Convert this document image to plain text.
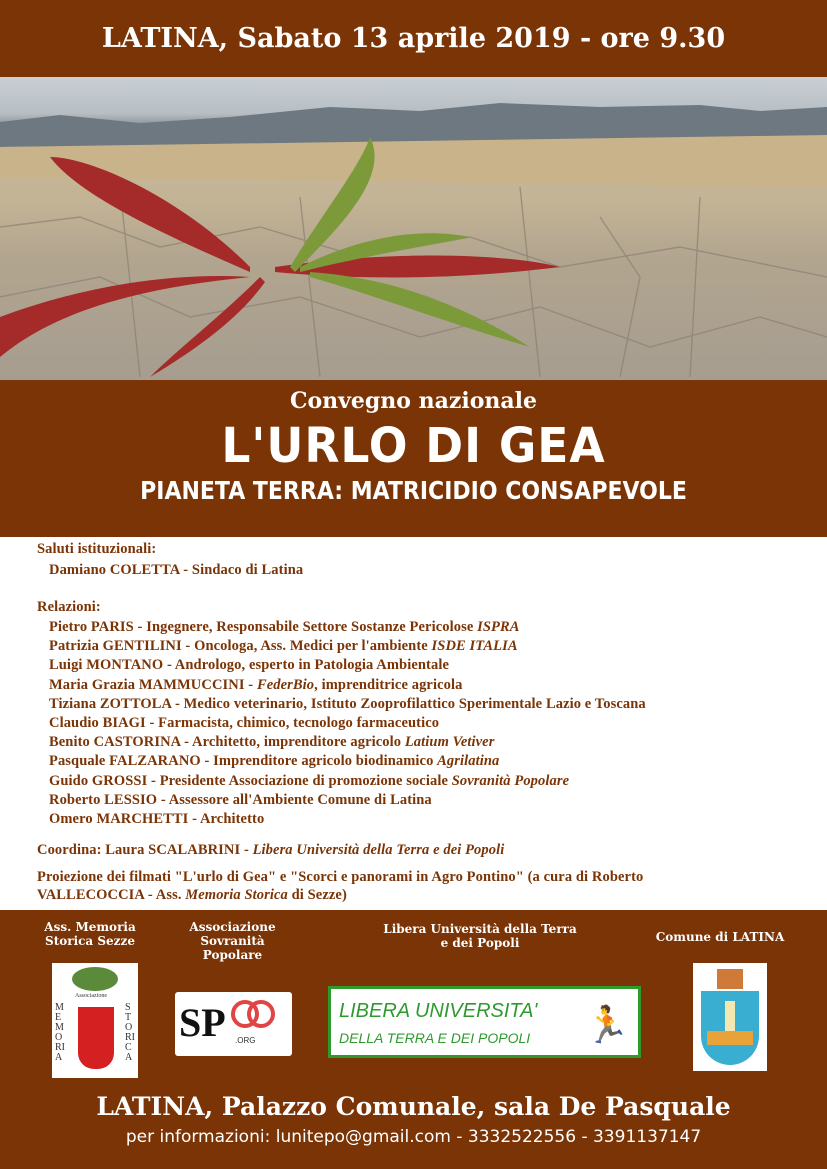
LATINA, Sabato 13 aprile 2019 - ore 9.30
Convegno nazionale
L'URLO DI GEA
PIANETA TERRA: MATRICIDIO CONSAPEVOLE
Saluti istituzionali:
Damiano COLETTA - Sindaco di Latina
Relazioni:
Pietro PARIS - Ingegnere, Responsabile Settore Sostanze Pericolose ISPRA
Patrizia GENTILINI - Oncologa, Ass. Medici per l'ambiente ISDE ITALIA
Luigi MONTANO - Andrologo, esperto in Patologia Ambientale
Maria Grazia MAMMUCCINI - FederBio, imprenditrice agricola
Tiziana ZOTTOLA - Medico veterinario, Istituto Zooprofilattico Sperimentale Lazio e Toscana
Claudio BIAGI - Farmacista, chimico, tecnologo farmaceutico
Benito CASTORINA - Architetto, imprenditore agricolo Latium Vetiver
Pasquale FALZARANO - Imprenditore agricolo biodinamico Agrilatina
Guido GROSSI - Presidente Associazione di promozione sociale Sovranità Popolare
Roberto LESSIO - Assessore all'Ambiente Comune di Latina
Omero MARCHETTI - Architetto
Coordina: Laura SCALABRINI - Libera Università della Terra e dei Popoli
Proiezione dei filmati "L'urlo di Gea" e "Scorci e panorami in Agro Pontino" (a cura di Roberto
VALLECOCCIA - Ass. Memoria Storica di Sezze)
Ass. Memoria Storica Sezze
Associazione Sovranità Popolare
Libera Università della Terra e dei Popoli	Comune di LATINA
Associazione
MEMORIA
STORICA
SP .ORG
LIBERA UNIVERSITA'
DELLA TERRA E DEI POPOLI 🏃
LATINA, Palazzo Comunale, sala De Pasquale
per informazioni: lunitepo@gmail.com - 3332522556 - 3391137147
